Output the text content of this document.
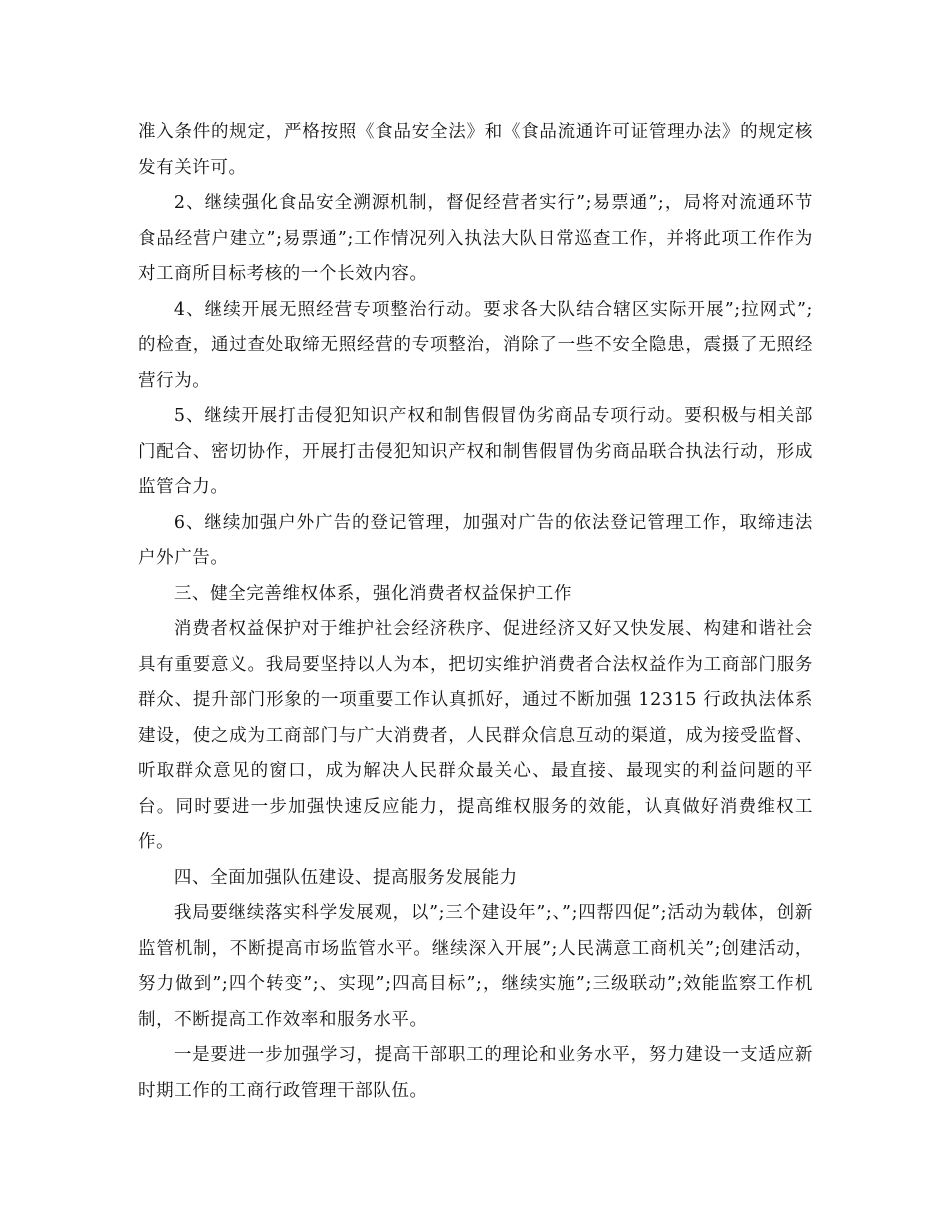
准入条件的规定，严格按照《食品安全法》和《食品流通许可证管理办法》的规定核发有关许可。

2、继续强化食品安全溯源机制，督促经营者实行”;易票通”;，局将对流通环节食品经营户建立”;易票通”;工作情况列入执法大队日常巡查工作，并将此项工作作为对工商所目标考核的一个长效内容。

4、继续开展无照经营专项整治行动。要求各大队结合辖区实际开展”;拉网式”;的检查，通过查处取缔无照经营的专项整治，消除了一些不安全隐患，震摄了无照经营行为。

5、继续开展打击侵犯知识产权和制售假冒伪劣商品专项行动。要积极与相关部门配合、密切协作，开展打击侵犯知识产权和制售假冒伪劣商品联合执法行动，形成监管合力。

6、继续加强户外广告的登记管理，加强对广告的依法登记管理工作，取缔违法户外广告。

三、健全完善维权体系，强化消费者权益保护工作

消费者权益保护对于维护社会经济秩序、促进经济又好又快发展、构建和谐社会具有重要意义。我局要坚持以人为本，把切实维护消费者合法权益作为工商部门服务群众、提升部门形象的一项重要工作认真抓好，通过不断加强 12315 行政执法体系建设，使之成为工商部门与广大消费者，人民群众信息互动的渠道，成为接受监督、听取群众意见的窗口，成为解决人民群众最关心、最直接、最现实的利益问题的平台。同时要进一步加强快速反应能力，提高维权服务的效能，认真做好消费维权工作。

四、全面加强队伍建设、提高服务发展能力

我局要继续落实科学发展观，以”;三个建设年”;、”;四帮四促”;活动为载体，创新监管机制，不断提高市场监管水平。继续深入开展”;人民满意工商机关”;创建活动，努力做到”;四个转变”;、实现”;四高目标”;，继续实施”;三级联动”;效能监察工作机制，不断提高工作效率和服务水平。

一是要进一步加强学习，提高干部职工的理论和业务水平，努力建设一支适应新时期工作的工商行政管理干部队伍。
